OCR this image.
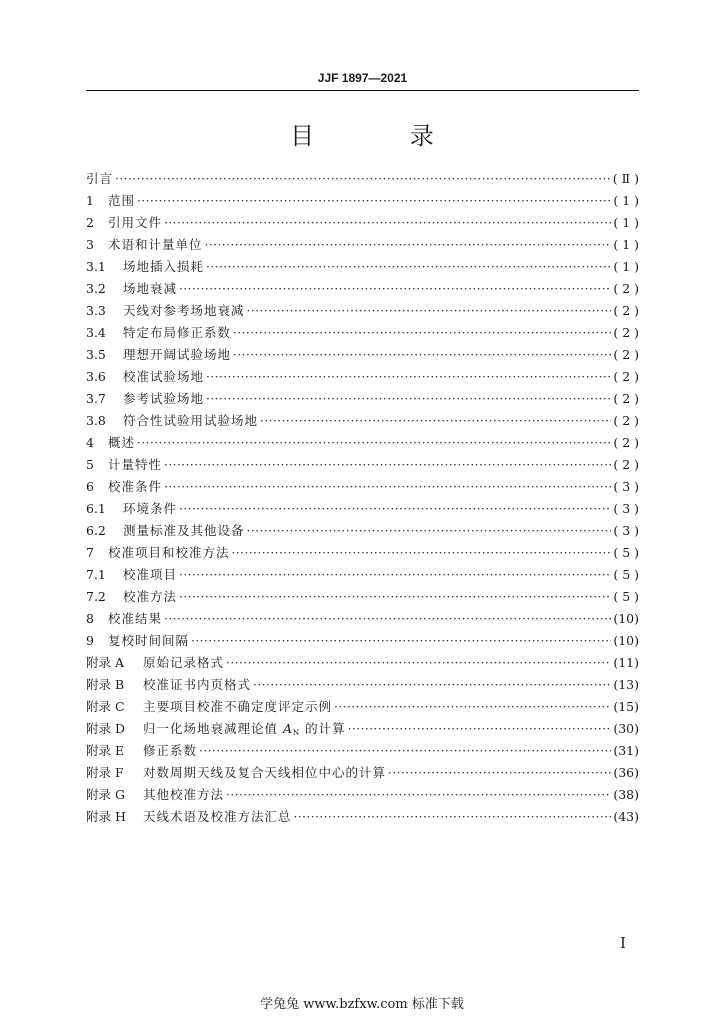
JJF 1897—2021
目 录
引言 ·····	( Ⅱ )
1	范围 ·····	( 1 )
2	引用文件 ·····	( 1 )
3	术语和计量单位 ·····	( 1 )
3.1	场地插入损耗 ·····	( 1 )
3.2	场地衰减 ·····	( 2 )
3.3	天线对参考场地衰减 ·····	( 2 )
3.4	特定布局修正系数 ·····	( 2 )
3.5	理想开阔试验场地 ·····	( 2 )
3.6	校准试验场地 ·····	( 2 )
3.7	参考试验场地 ·····	( 2 )
3.8	符合性试验用试验场地 ·····	( 2 )
4	概述 ·····	( 2 )
5	计量特性 ·····	( 2 )
6	校准条件 ·····	( 3 )
6.1	环境条件 ·····	( 3 )
6.2	测量标准及其他设备 ·····	( 3 )
7	校准项目和校准方法 ·····	( 5 )
7.1	校准项目 ·····	( 5 )
7.2	校准方法 ·····	( 5 )
8	校准结果 ·····	(10)
9	复校时间间隔 ·····	(10)
附录 A	原始记录格式 ·····	(11)
附录 B	校准证书内页格式 ·····	(13)
附录 C	主要项目校准不确定度评定示例 ·····	(15)
附录 D	归一化场地衰减理论值 $A_N$ 的计算 ·····	(30)
附录 E	修正系数 ·····	(31)
附录 F	对数周期天线及复合天线相位中心的计算 ·····	(36)
附录 G	其他校准方法 ·····	(38)
附录 H	天线术语及校准方法汇总 ·····	(43)
I
学兔兔 www.bzfxw.com 标准下载
